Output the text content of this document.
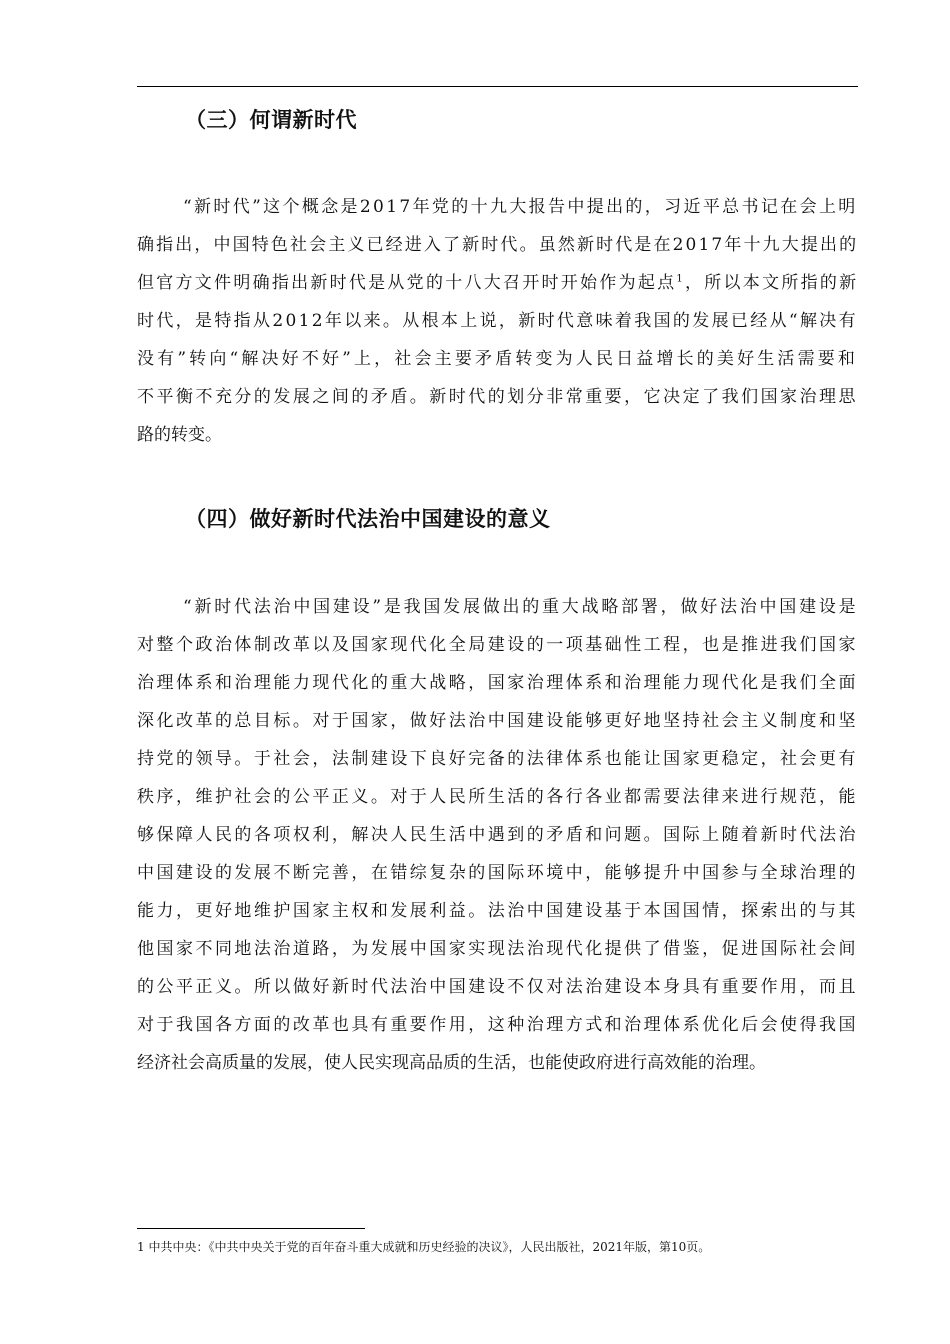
（三）何谓新时代
“新时代”这个概念是2017年党的十九大报告中提出的，习近平总书记在会上明
确指出，中国特色社会主义已经进入了新时代。虽然新时代是在2017年十九大提出的
但官方文件明确指出新时代是从党的十八大召开时开始作为起点$^1$，所以本文所指的新
时代，是特指从2012年以来。从根本上说，新时代意味着我国的发展已经从“解决有
没有”转向“解决好不好”上，社会主要矛盾转变为人民日益增长的美好生活需要和
不平衡不充分的发展之间的矛盾。新时代的划分非常重要，它决定了我们国家治理思
路的转变。
（四）做好新时代法治中国建设的意义
“新时代法治中国建设”是我国发展做出的重大战略部署，做好法治中国建设是
对整个政治体制改革以及国家现代化全局建设的一项基础性工程，也是推进我们国家
治理体系和治理能力现代化的重大战略，国家治理体系和治理能力现代化是我们全面
深化改革的总目标。对于国家，做好法治中国建设能够更好地坚持社会主义制度和坚
持党的领导。于社会，法制建设下良好完备的法律体系也能让国家更稳定，社会更有
秩序，维护社会的公平正义。对于人民所生活的各行各业都需要法律来进行规范，能
够保障人民的各项权利，解决人民生活中遇到的矛盾和问题。国际上随着新时代法治
中国建设的发展不断完善，在错综复杂的国际环境中，能够提升中国参与全球治理的
能力，更好地维护国家主权和发展利益。法治中国建设基于本国国情，探索出的与其
他国家不同地法治道路，为发展中国家实现法治现代化提供了借鉴，促进国际社会间
的公平正义。所以做好新时代法治中国建设不仅对法治建设本身具有重要作用，而且
对于我国各方面的改革也具有重要作用，这种治理方式和治理体系优化后会使得我国
经济社会高质量的发展，使人民实现高品质的生活，也能使政府进行高效能的治理。
1 中共中央：《中共中央关于党的百年奋斗重大成就和历史经验的决议》，人民出版社，2021年版，第10页。
